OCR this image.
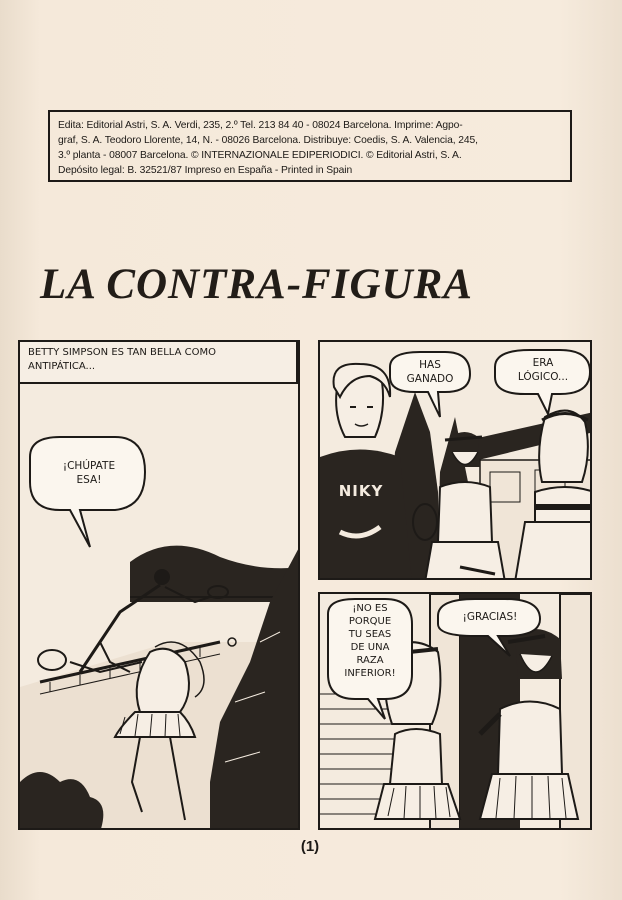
Edita: Editorial Astri, S. A. Verdi, 235, 2.º Tel. 213 84 40 - 08024 Barcelona. Imprime: Agpo-
graf, S. A. Teodoro Llorente, 14, N. - 08026 Barcelona. Distribuye: Coedis, S. A. Valencia, 245,
3.º planta - 08007 Barcelona. © INTERNAZIONALE EDIPERIODICI. © Editorial Astri, S. A.
Depósito legal: B. 32521/87 Impreso en España - Printed in Spain
LA CONTRA-FIGURA
BETTY SIMPSON ES TAN BELLA COMO
ANTIPÁTICA...
¡CHÚPATE
ESA!
HAS
GANADO
ERA
LÓGICO...
NIKY
¡NO ES
PORQUE
TU SEAS
DE UNA
RAZA
INFERIOR!
¡GRACIAS!
(1)
